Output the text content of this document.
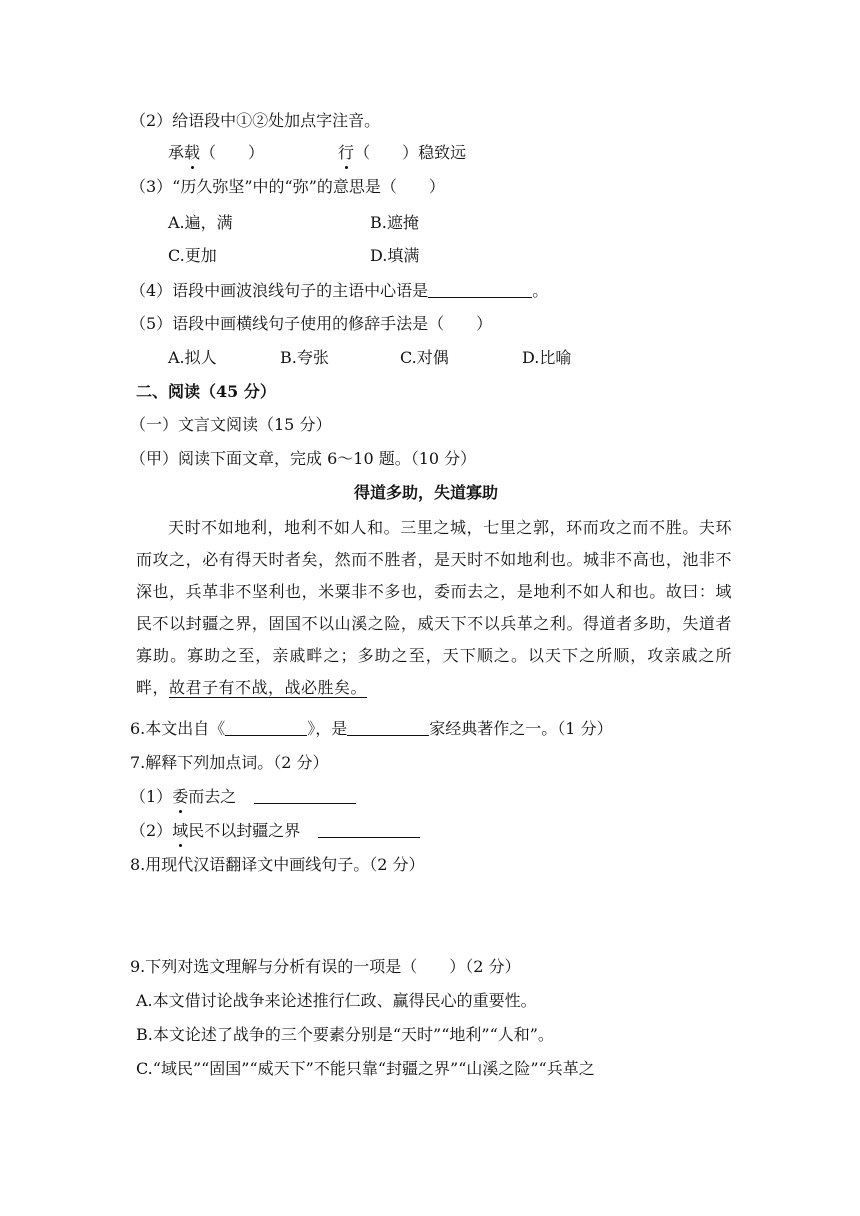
（2）给语段中①②处加点字注音。
承载（　　）	行（　　）稳致远
（3）“历久弥坚”中的“弥”的意思是（　　）
A.遍，满	B.遮掩
C.更加	D.填满
（4）语段中画波浪线句子的主语中心语是	。
（5）语段中画横线句子使用的修辞手法是（　　）
A.拟人	B.夸张	C.对偶	D.比喻
二、阅读（45 分）
（一）文言文阅读（15 分）
（甲）阅读下面文章，完成 6～10 题。（10 分）
得道多助，失道寡助

天时不如地利，地利不如人和。三里之城，七里之郭，环而攻之而不胜。夫环而攻之，必有得天时者矣，然而不胜者，是天时不如地利也。城非不高也，池非不深也，兵革非不坚利也，米粟非不多也，委而去之，是地利不如人和也。故曰：域民不以封疆之界，固国不以山溪之险，威天下不以兵革之利。得道者多助，失道者寡助。寡助之至，亲戚畔之；多助之至，天下顺之。以天下之所顺，攻亲戚之所畔，故君子有不战，战必胜矣。

6.本文出自《	》，是	家经典著作之一。（1 分）
7.解释下列加点词。（2 分）
（1）委而去之
（2）域民不以封疆之界
8.用现代汉语翻译文中画线句子。（2 分）
9.下列对选文理解与分析有误的一项是（　　）（2 分）
A.本文借讨论战争来论述推行仁政、赢得民心的重要性。
B.本文论述了战争的三个要素分别是“天时”“地利”“人和”。
C.“域民”“固国”“威天下”不能只靠“封疆之界”“山溪之险”“兵革之
